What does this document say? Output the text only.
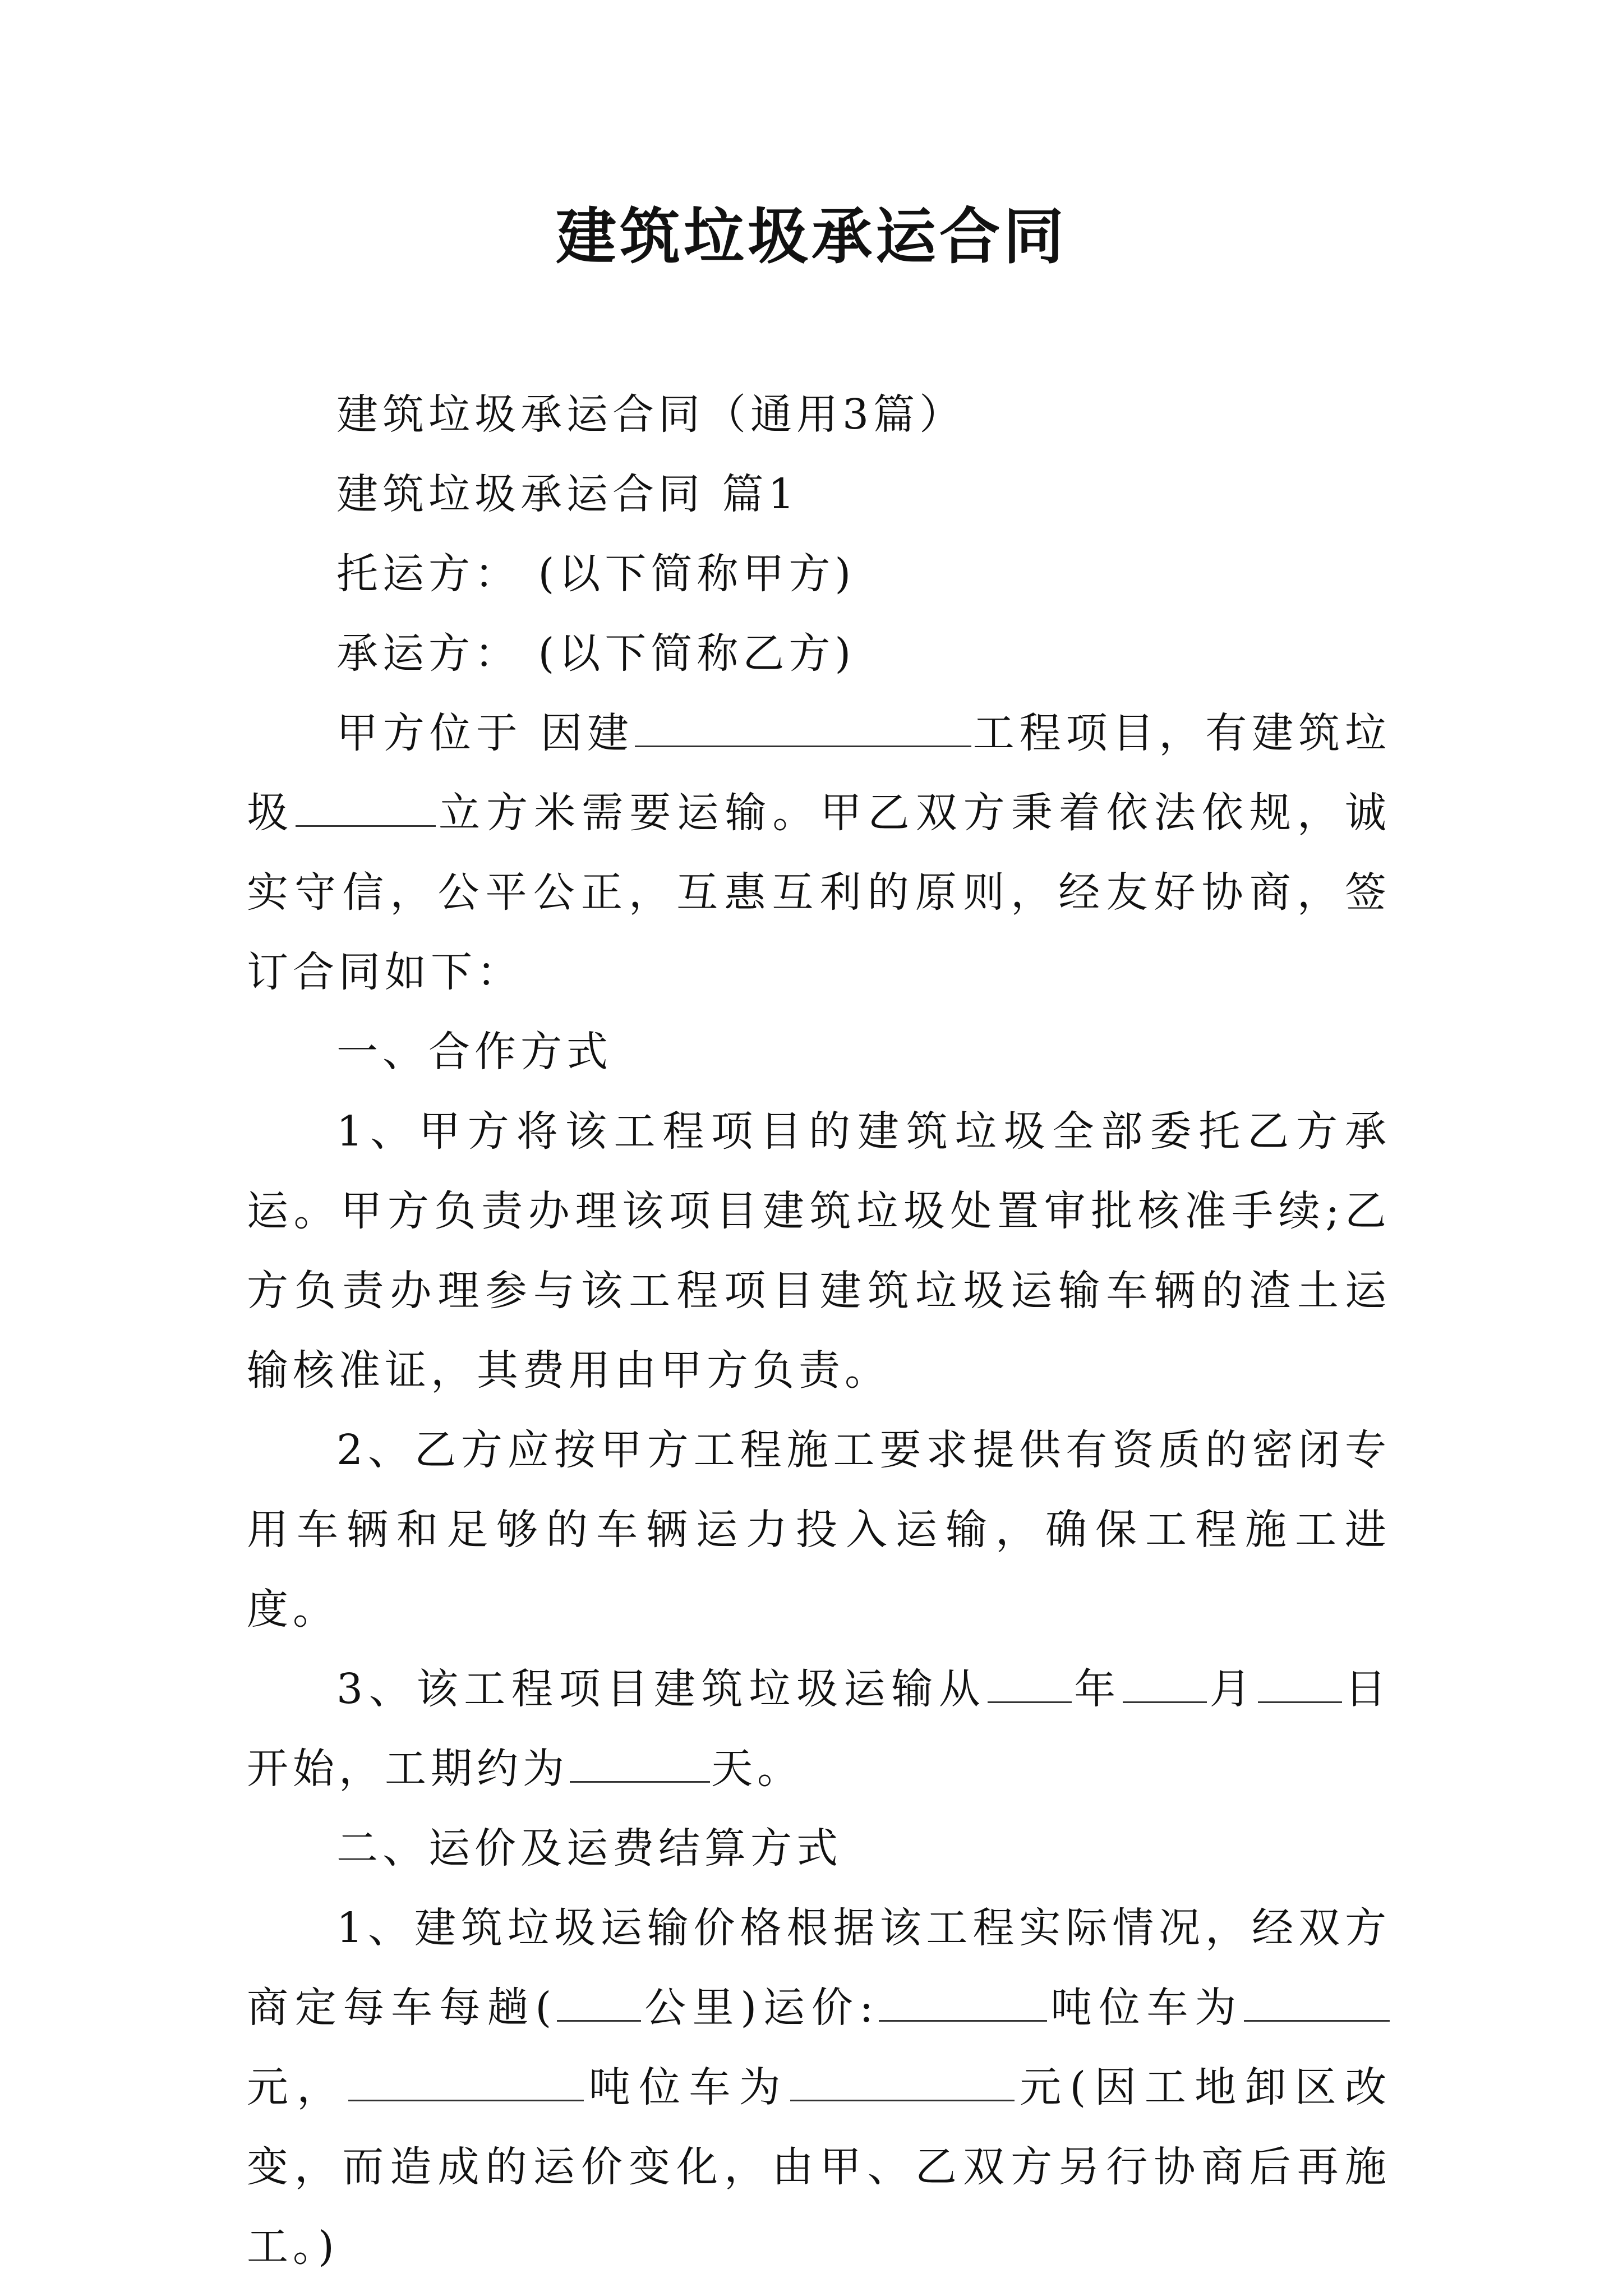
建筑垃圾承运合同

建筑垃圾承运合同（通用3篇）

建筑垃圾承运合同 篇1

托运方： (以下简称甲方)

承运方： (以下简称乙方)

甲方位于 因建	工程项目，有建筑垃圾	立方米需要运输。甲乙双方秉着依法依规，诚实守信，公平公正，互惠互利的原则，经友好协商，签订合同如下：

一、合作方式

1、甲方将该工程项目的建筑垃圾全部委托乙方承运。甲方负责办理该项目建筑垃圾处置审批核准手续;乙方负责办理参与该工程项目建筑垃圾运输车辆的渣土运输核准证，其费用由甲方负责。

2、乙方应按甲方工程施工要求提供有资质的密闭专用车辆和足够的车辆运力投入运输，确保工程施工进度。

3、该工程项目建筑垃圾运输从 年 月 日开始，工期约为	天。

二、运价及运费结算方式

1、建筑垃圾运输价格根据该工程实际情况，经双方商定每车每趟( 公里)运价:	吨位车为元，	吨位车为	元(因工地卸区改变，而造成的运价变化，由甲、乙双方另行协商后再施工。)
